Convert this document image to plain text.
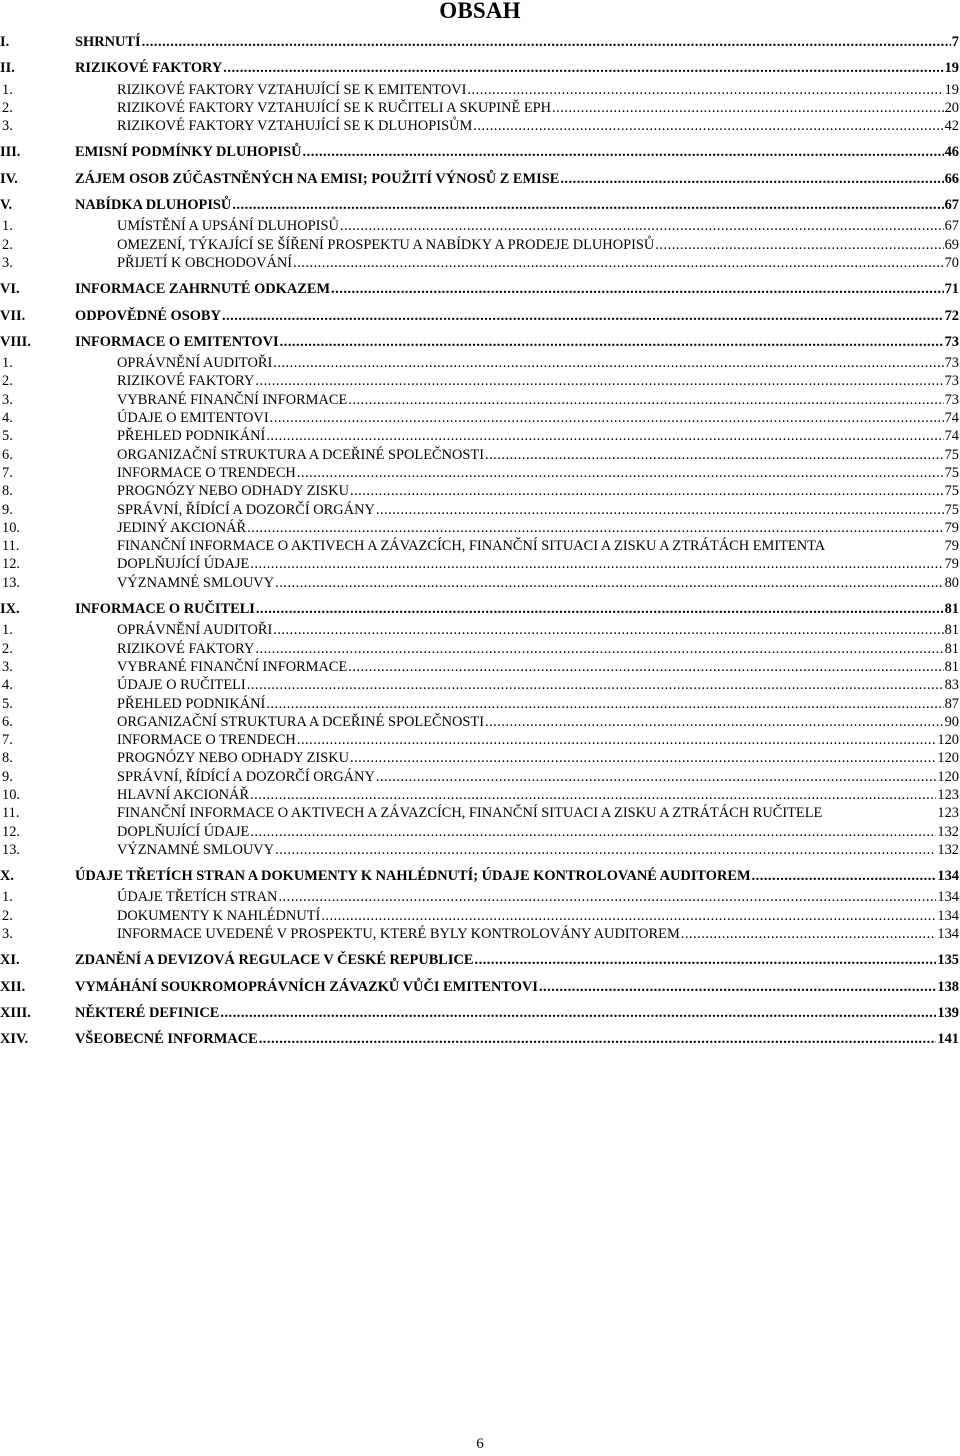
OBSAH
I.	SHRNUTÍ .....	7
II.	RIZIKOVÉ FAKTORY .....	19
1.	RIZIKOVÉ FAKTORY VZTAHUJÍCÍ SE K EMITENTOVI .....	19
2.	RIZIKOVÉ FAKTORY VZTAHUJÍCÍ SE K RUČITELI A SKUPINĚ EPH .....	20
3.	RIZIKOVÉ FAKTORY VZTAHUJÍCÍ SE K DLUHOPISŮM .....	42
III.	EMISNÍ PODMÍNKY DLUHOPISŮ .....	46
IV.	ZÁJEM OSOB ZÚČASTNĚNÝCH NA EMISI; POUŽITÍ VÝNOSŮ Z EMISE .....	66
V.	NABÍDKA DLUHOPISŮ .....	67
1.	UMÍSTĚNÍ A UPSÁNÍ DLUHOPISŮ .....	67
2.	OMEZENÍ, TÝKAJÍCÍ SE ŠÍŘENÍ PROSPEKTU A NABÍDKY A PRODEJE DLUHOPISŮ .....	69
3.	PŘIJETÍ K OBCHODOVÁNÍ .....	70
VI.	INFORMACE ZAHRNUTÉ ODKAZEM .....	71
VII.	ODPOVĚDNÉ OSOBY .....	72
VIII.	INFORMACE O EMITENTOVI .....	73
1.	OPRÁVNĚNÍ AUDITOŘI .....	73
2.	RIZIKOVÉ FAKTORY .....	73
3.	VYBRANÉ FINANČNÍ INFORMACE .....	73
4.	ÚDAJE O EMITENTOVI .....	74
5.	PŘEHLED PODNIKÁNÍ .....	74
6.	ORGANIZAČNÍ STRUKTURA A DCEŘINÉ SPOLEČNOSTI .....	75
7.	INFORMACE O TRENDECH .....	75
8.	PROGNÓZY NEBO ODHADY ZISKU .....	75
9.	SPRÁVNÍ, ŘÍDÍCÍ A DOZORČÍ ORGÁNY .....	75
10.	JEDINÝ AKCIONÁŘ .....	79
11.	FINANČNÍ INFORMACE O AKTIVECH A ZÁVAZCÍCH, FINANČNÍ SITUACI A ZISKU A ZTRÁTÁCH EMITENTA	79
12.	DOPLŇUJÍCÍ ÚDAJE .....	79
13.	VÝZNAMNÉ SMLOUVY .....	80
IX.	INFORMACE O RUČITELI .....	81
1.	OPRÁVNĚNÍ AUDITOŘI .....	81
2.	RIZIKOVÉ FAKTORY .....	81
3.	VYBRANÉ FINANČNÍ INFORMACE .....	81
4.	ÚDAJE O RUČITELI .....	83
5.	PŘEHLED PODNIKÁNÍ .....	87
6.	ORGANIZAČNÍ STRUKTURA A DCEŘINÉ SPOLEČNOSTI .....	90
7.	INFORMACE O TRENDECH .....	120
8.	PROGNÓZY NEBO ODHADY ZISKU .....	120
9.	SPRÁVNÍ, ŘÍDÍCÍ A DOZORČÍ ORGÁNY .....	120
10.	HLAVNÍ AKCIONÁŘ .....	123
11.	FINANČNÍ INFORMACE O AKTIVECH A ZÁVAZCÍCH, FINANČNÍ SITUACI A ZISKU A ZTRÁTÁCH RUČITELE	123
12.	DOPLŇUJÍCÍ ÚDAJE .....	132
13.	VÝZNAMNÉ SMLOUVY .....	132
X.	ÚDAJE TŘETÍCH STRAN A DOKUMENTY K NAHLÉDNUTÍ; ÚDAJE KONTROLOVANÉ AUDITOREM .....	134
1.	ÚDAJE TŘETÍCH STRAN .....	134
2.	DOKUMENTY K NAHLÉDNUTÍ .....	134
3.	INFORMACE UVEDENÉ V PROSPEKTU, KTERÉ BYLY KONTROLOVÁNY AUDITOREM .....	134
XI.	ZDANĚNÍ A DEVIZOVÁ REGULACE V ČESKÉ REPUBLICE .....	135
XII.	VYMÁHÁNÍ SOUKROMOPRÁVNÍCH ZÁVAZKŮ VŮČI EMITENTOVI .....	138
XIII.	NĚKTERÉ DEFINICE .....	139
XIV.	VŠEOBECNÉ INFORMACE .....	141
6
